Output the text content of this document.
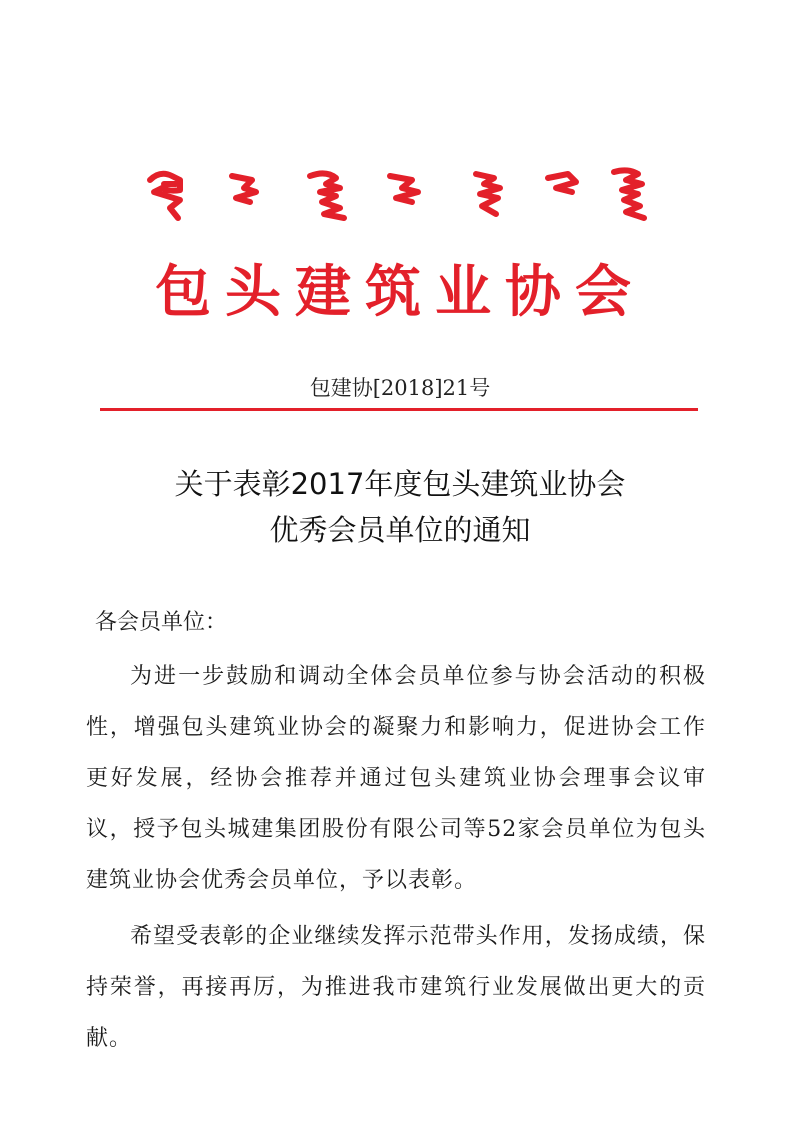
包头建筑业协会
包建协[2018]21号
关于表彰2017年度包头建筑业协会
优秀会员单位的通知
各会员单位：
为进一步鼓励和调动全体会员单位参与协会活动的积极性，增强包头建筑业协会的凝聚力和影响力，促进协会工作更好发展，经协会推荐并通过包头建筑业协会理事会议审议，授予包头城建集团股份有限公司等52家会员单位为包头建筑业协会优秀会员单位，予以表彰。
希望受表彰的企业继续发挥示范带头作用，发扬成绩，保持荣誉，再接再厉，为推进我市建筑行业发展做出更大的贡献。
